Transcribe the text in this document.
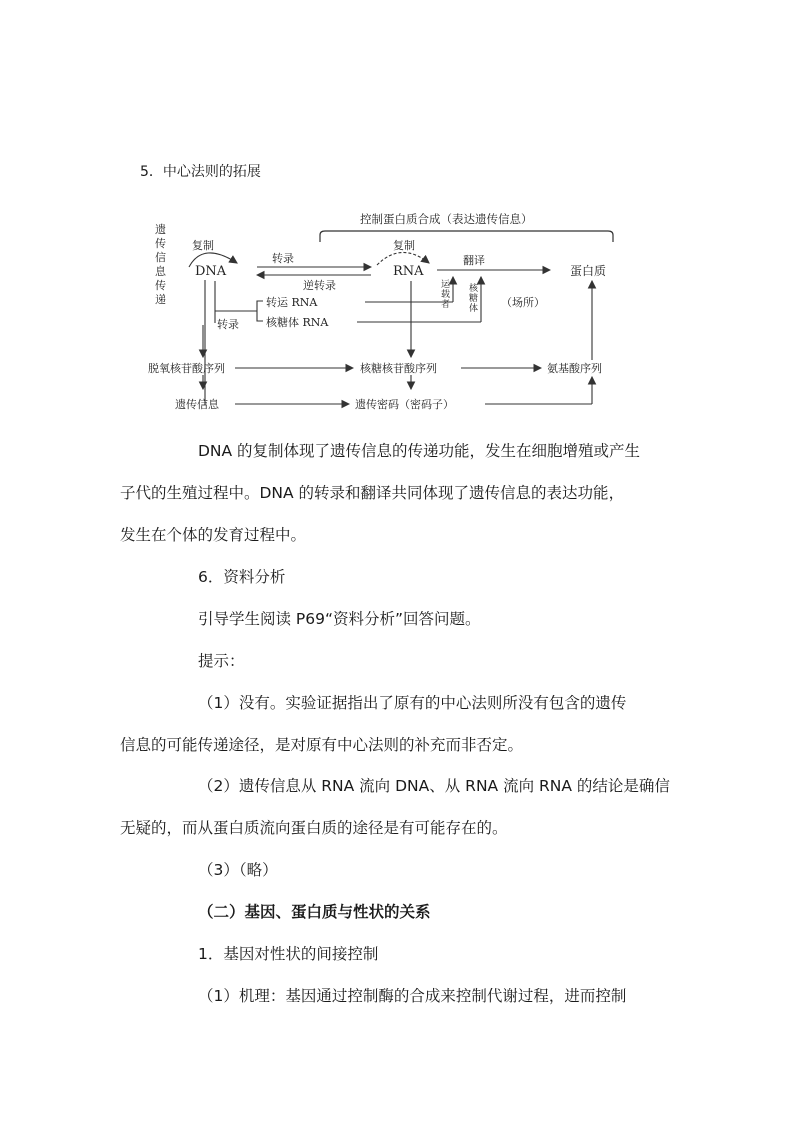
5．中心法则的拓展
遗
传
信
息
传
递
控制蛋白质合成（表达遗传信息）
DNA
复制
RNA
复制
蛋白质
转录
逆转录
翻译
转录
转运 RNA
核糖体 RNA
运
载
者
核
糖
体 （场所）
脱氧核苷酸序列	核糖核苷酸序列	氨基酸序列
遗传信息	遗传密码（密码子）
DNA 的复制体现了遗传信息的传递功能，发生在细胞增殖或产生
子代的生殖过程中。DNA 的转录和翻译共同体现了遗传信息的表达功能，
发生在个体的发育过程中。
6．资料分析
引导学生阅读 P69“资料分析”回答问题。
提示：
（1）没有。实验证据指出了原有的中心法则所没有包含的遗传
信息的可能传递途径，是对原有中心法则的补充而非否定。
（2）遗传信息从 RNA 流向 DNA、从 RNA 流向 RNA 的结论是确信
无疑的，而从蛋白质流向蛋白质的途径是有可能存在的。
（3）（略）
（二）基因、蛋白质与性状的关系
1．基因对性状的间接控制
（1）机理：基因通过控制酶的合成来控制代谢过程，进而控制
